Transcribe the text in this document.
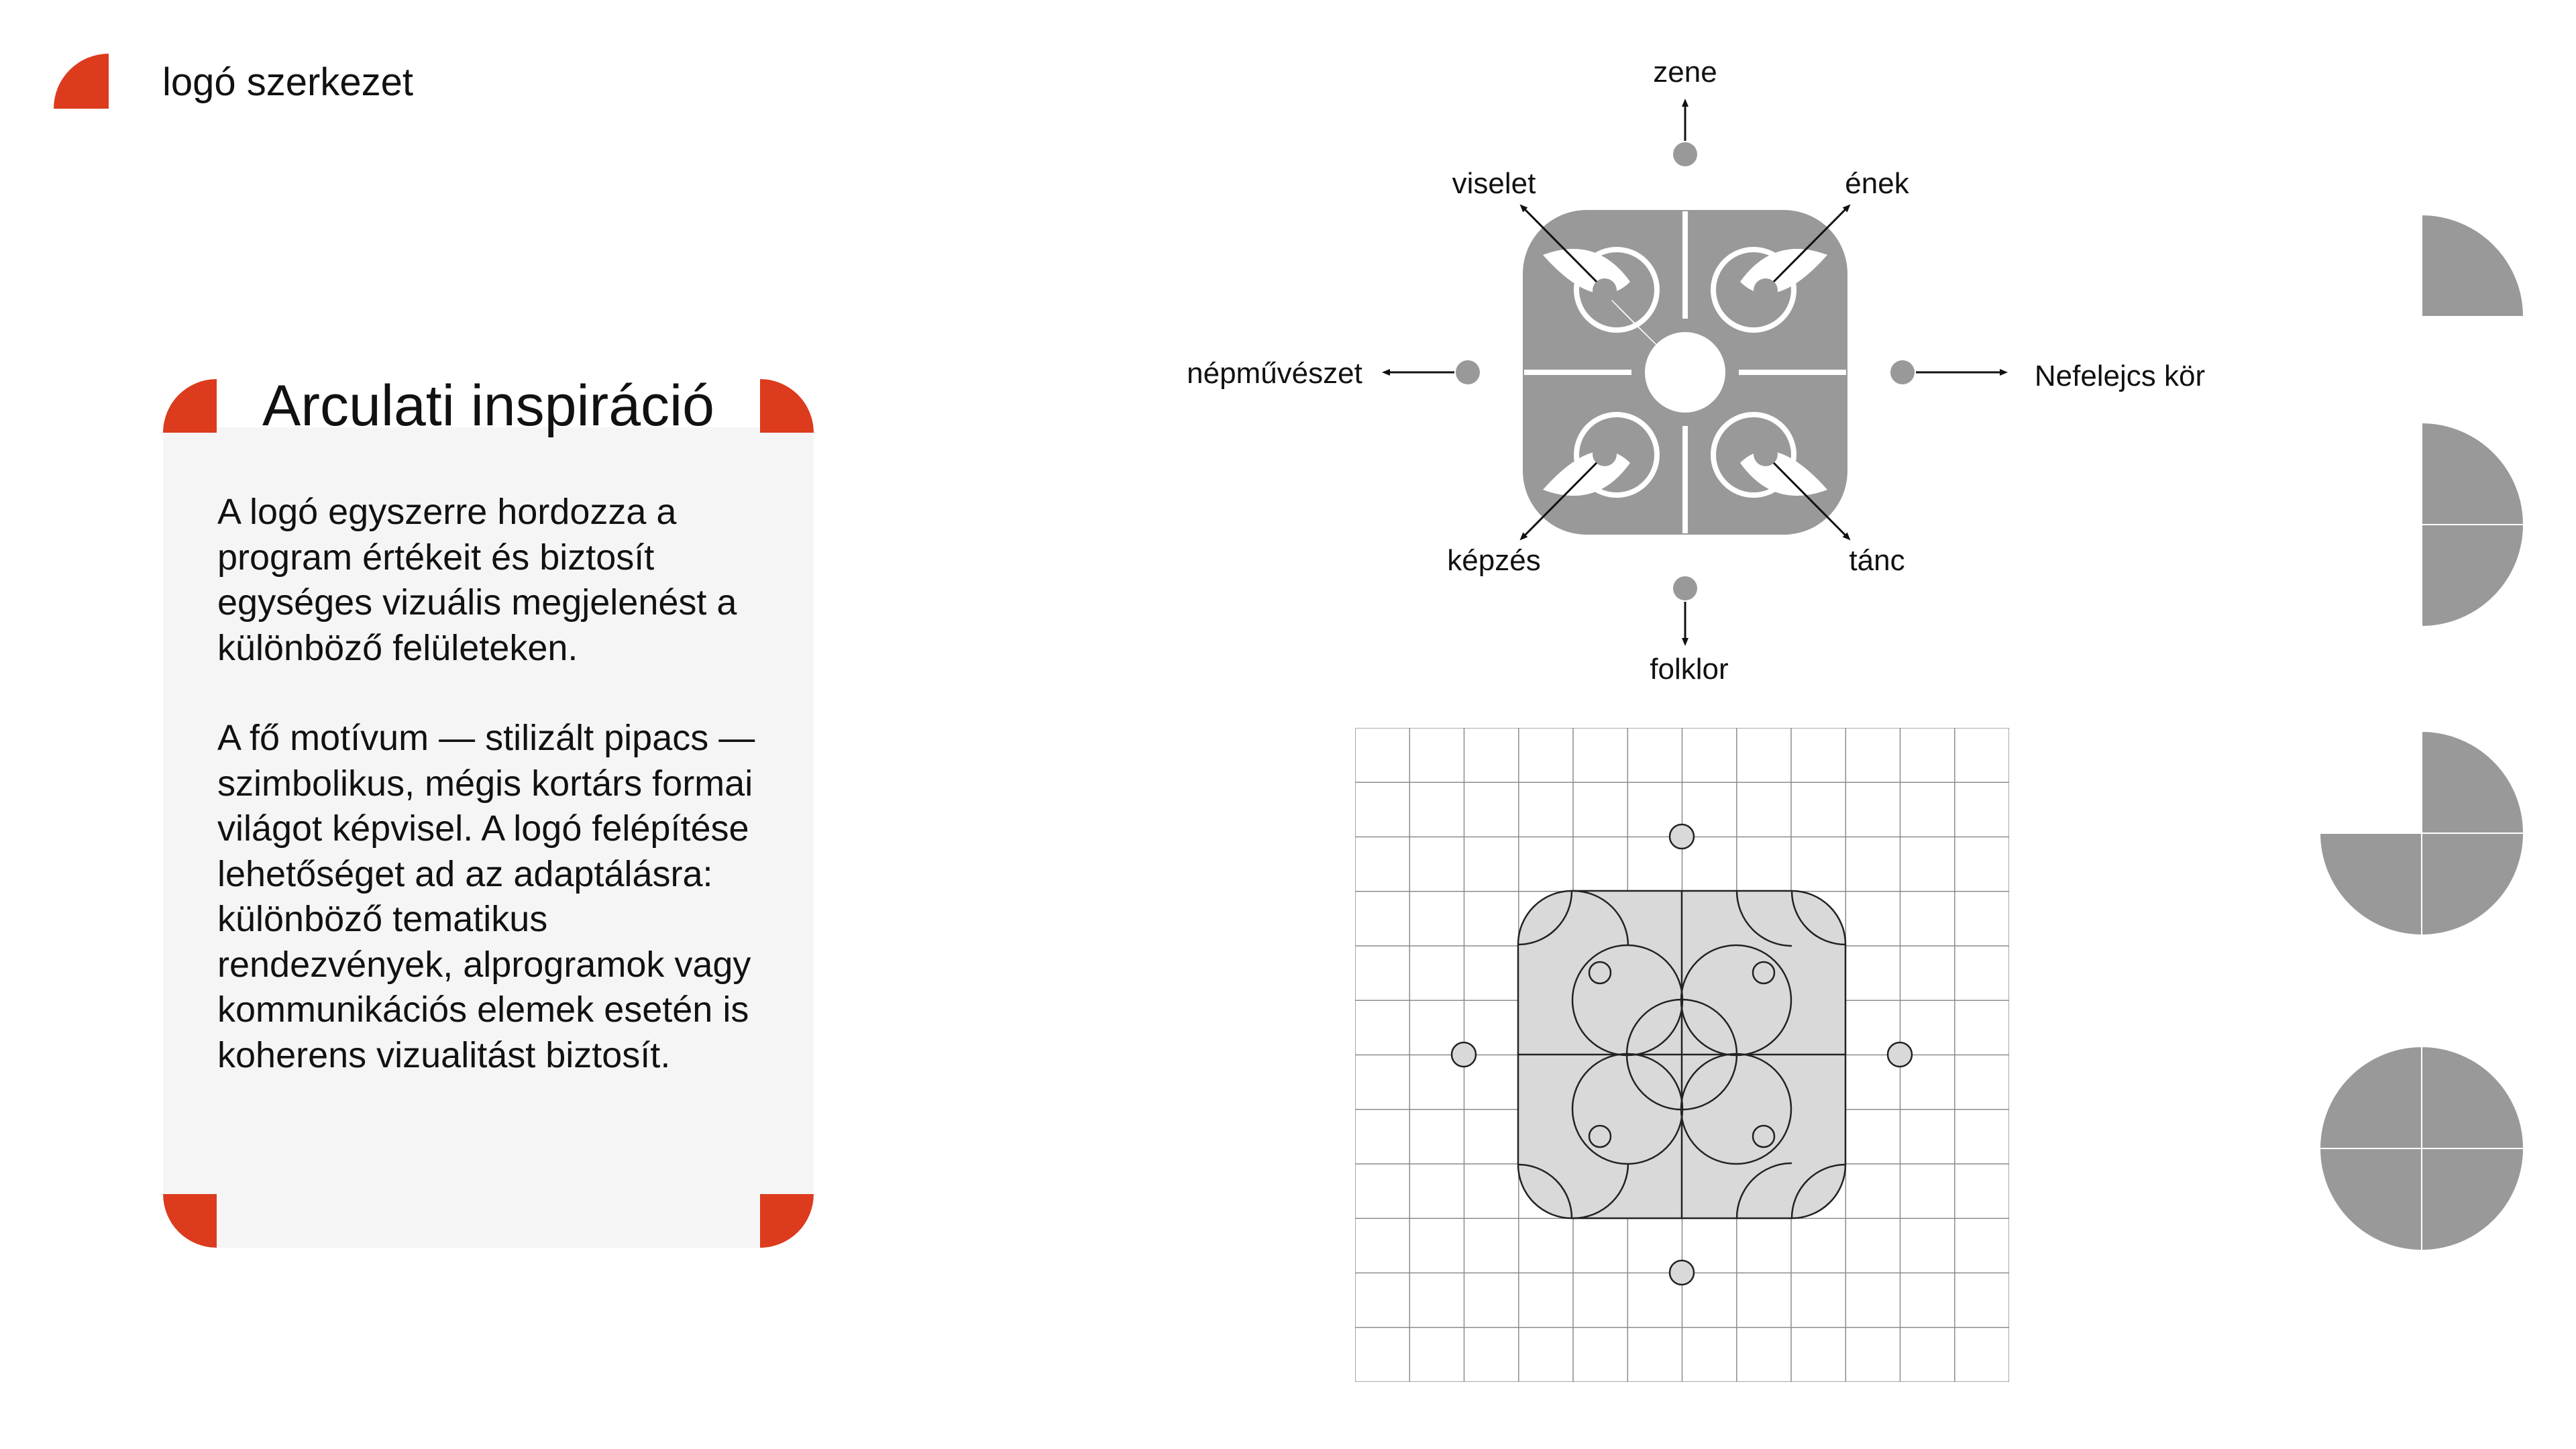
logó szerkezet
Arculati inspiráció

A logó egyszerre hordozza a program értékeit és biztosít egységes vizuális megjelenést a különböző felületeken.

A fő motívum — stilizált pipacs — szimbolikus, mégis kortárs formai világot képvisel. A logó felépítése lehetőséget ad az adaptálásra: különböző tematikus rendezvények, alprogramok vagy kommunikációs elemek esetén is koherens vizualitást biztosít.

zene
viselet	ének
népművészet	Nefelejcs kör
képzés	tánc
folklor
